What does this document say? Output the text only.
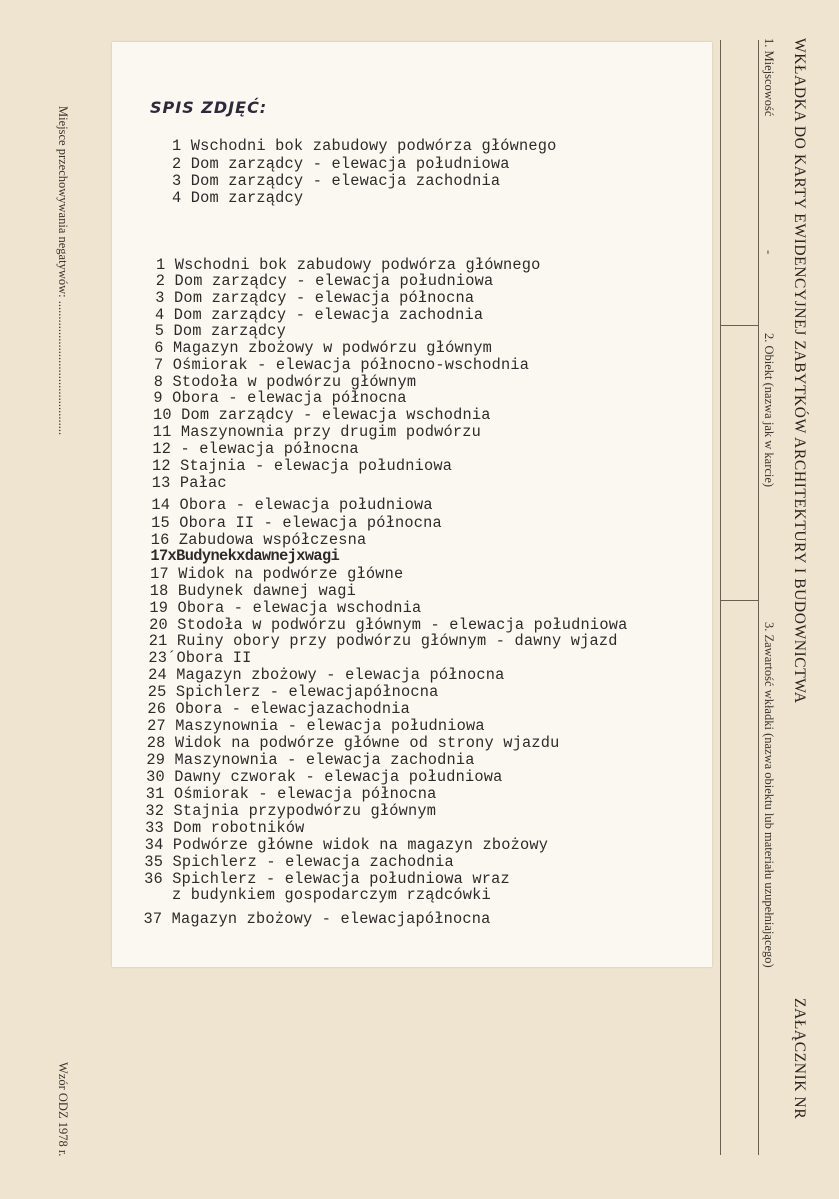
WKŁADKA DO KARTY EWIDENCYJNEJ ZABYTKÓW ARCHITEKTURY I BUDOWNICTWA
ZAŁĄCZNIK NR
1. Miejscowość
-
2. Obiekt (nazwa jak w karcie)
3. Zawartość wkładki (nazwa obiektu lub materiału uzupełniającego)
Miejsce przechowywania negatywów: ...........................................
Wzór ODZ 1978 r.
SPIS ZDJĘĆ:
1 Wschodni bok zabudowy podwórza głównego
2 Dom zarządcy - elewacja południowa
3 Dom zarządcy - elewacja zachodnia
4 Dom zarządcy
1 Wschodni bok zabudowy podwórza głównego
2 Dom zarządcy - elewacja południowa
3 Dom zarządcy - elewacja północna
4 Dom zarządcy - elewacja zachodnia
5 Dom zarządcy
6 Magazyn zbożowy w podwórzu głównym
7 Ośmiorak - elewacja północno-wschodnia
8 Stodoła w podwórzu głównym
9 Obora - elewacja północna
10 Dom zarządcy - elewacja wschodnia
11 Maszynownia przy drugim podwórzu
12 - elewacja północna
12 Stajnia - elewacja południowa
13 Pałac
14 Obora - elewacja południowa
15 Obora II - elewacja północna
16 Zabudowa współczesna
17xBudynekxdawnejxwagi
17 Widok na podwórze główne
18 Budynek dawnej wagi
19 Obora - elewacja wschodnia
20 Stodoła w podwórzu głównym - elewacja południowa
21 Ruiny obory przy podwórzu głównym - dawny wjazd
23´Obora II
24 Magazyn zbożowy - elewacja północna
25 Spichlerz - elewacjapółnocna
26 Obora - elewacjazachodnia
27 Maszynownia - elewacja południowa
28 Widok na podwórze główne od strony wjazdu
29 Maszynownia - elewacja zachodnia
30 Dawny czworak - elewacja południowa
31 Ośmiorak - elewacja północna
32 Stajnia przypodwórzu głównym
33 Dom robotników
34 Podwórze główne widok na magazyn zbożowy
35 Spichlerz - elewacja zachodnia
36 Spichlerz - elewacja południowa wraz
z budynkiem gospodarczym rządcówki
37 Magazyn zbożowy - elewacjapółnocna
